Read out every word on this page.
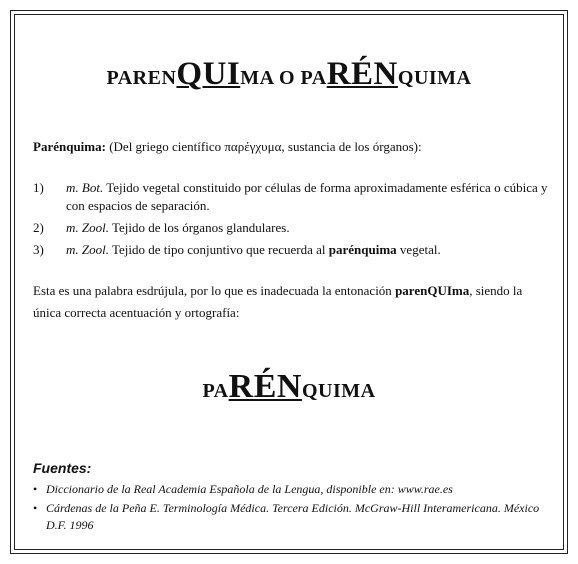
PARENQUIMA O PARÉNQUIMA
Parénquima: (Del griego científico παρέγχυμα, sustancia de los órganos):
1) m. Bot. Tejido vegetal constituido por células de forma aproximadamente esférica o cúbica y con espacios de separación.
2) m. Zool. Tejido de los órganos glandulares.
3) m. Zool. Tejido de tipo conjuntivo que recuerda al parénquima vegetal.
Esta es una palabra esdrújula, por lo que es inadecuada la entonación parenQUIma, siendo la única correcta acentuación y ortografía:
PARÉNQUIMA
Fuentes:
• Diccionario de la Real Academia Española de la Lengua, disponible en: www.rae.es
• Cárdenas de la Peña E. Terminología Médica. Tercera Edición. McGraw-Hill Interamericana. México D.F. 1996
